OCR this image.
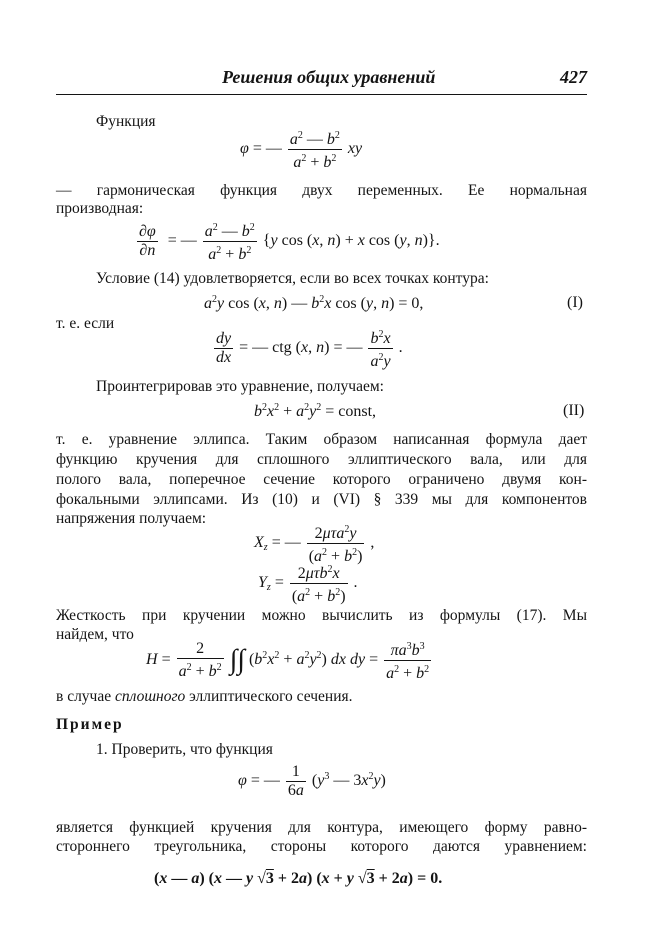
Решения общих уравнений	427
Функция
φ = — $\frac{a^2 — b^2}{a^2 + b^2}$ xy
— гармоническая функция двух переменных. Ее нормальная
производная:
$\frac{\partial\varphi}{\partial n}$ = — $\frac{a^2 — b^2}{a^2 + b^2} \{y$ cos (x, n) + x cos (y, n)}.
Условие (14) удовлетворяется, если во всех точках контура:
$a^2y$ cos (x, n) — $b^2x$ cos (y, n) = 0,	(I)
т. е. если
$\frac{dy}{dx}$ = — ctg (x, n) = — $\frac{b^2x}{a^2y}$ .
Проинтегрировав это уравнение, получаем:
$b^2x^2 + a^2y^2$ = const,	(II)
т. е. уравнение эллипса. Таким образом написанная формула дает
функцию кручения для сплошного эллиптического вала, или для
полого вала, поперечное сечение которого ограничено двумя кон-
фокальными эллипсами. Из (10) и (VI) § 339 мы для компонентов
напряжения получаем:
$X_z$ = — $\frac{2\mu\tau a^2y}{(a^2 + b^2)}$ ,
$Y_z = \frac{2\mu\tau b^2x}{(a^2 + b^2)}$ .
Жесткость при кручении можно вычислить из формулы (17). Мы
найдем, что
$H = \frac{2}{a^2 + b^2}$ ∫∫ $(b^2x^2 + a^2y^2)$ dx dy = $\frac{\pi a^3b^3}{a^2 + b^2}$
в случае сплошного эллиптического сечения.
Пример
1. Проверить, что функция
φ = — $\frac{1}{6a} (y^3$ — $3x^2y$)
является функцией кручения для контура, имеющего форму равно-
стороннего треугольника, стороны которого даются уравнением:
(x — a) (x — y √3 + 2a) (x + y √3 + 2a) = 0.
